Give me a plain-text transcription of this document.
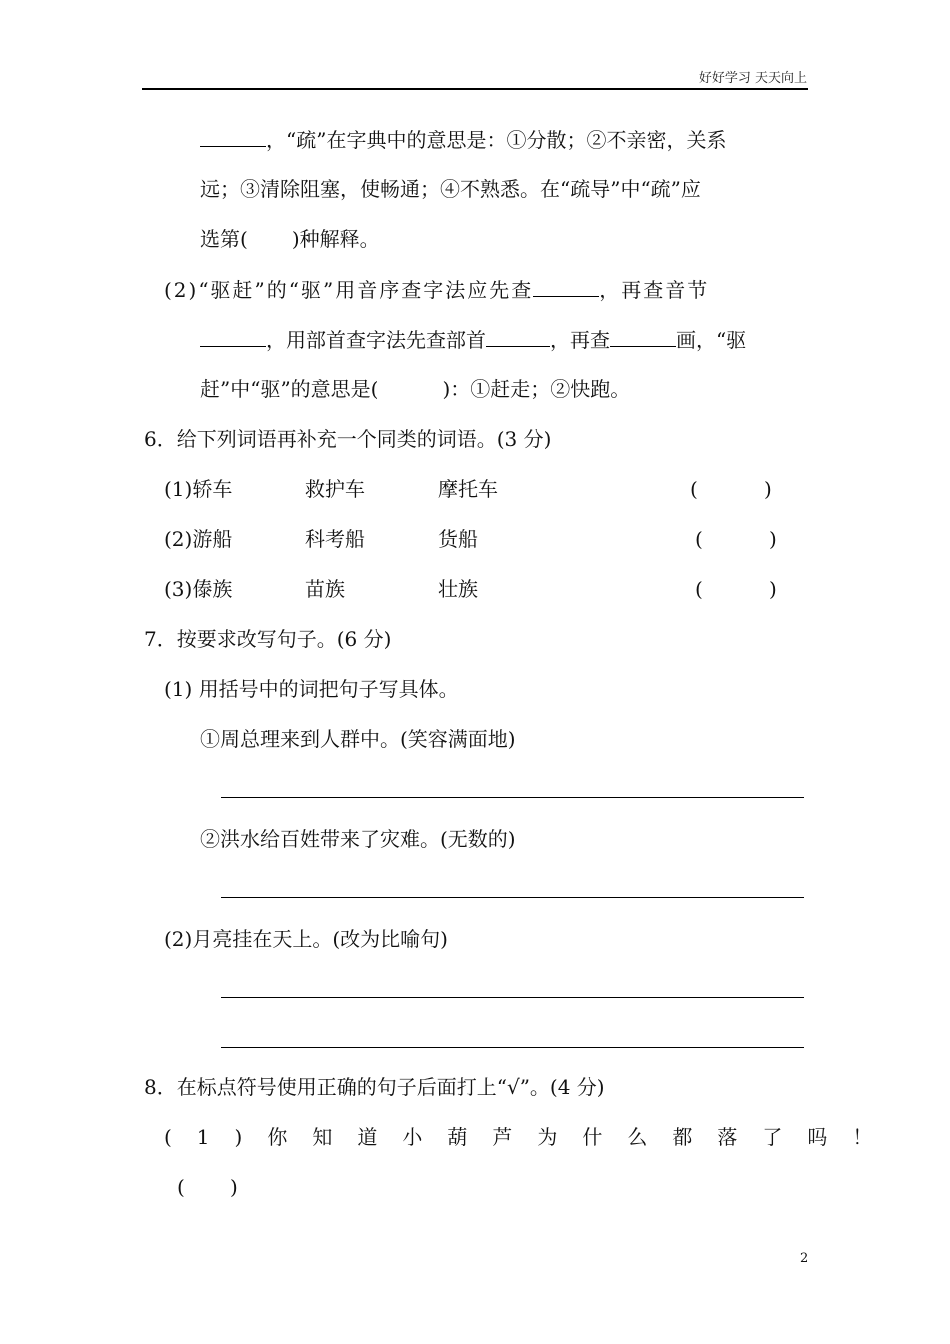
好好学习 天天向上
，“疏”在字典中的意思是：①分散；②不亲密，关系
远；③清除阻塞，使畅通；④不熟悉。在“疏导”中“疏”应
选第( )种解释。
(2)“驱赶”的“驱”用音序查字法应先查	，再查音节
，用部首查字法先查部首	，再查	画，“驱
赶”中“驱”的意思是(	)：①赶走；②快跑。
6．给下列词语再补充一个同类的词语。(3 分)
(1)轿车	救护车	摩托车	(	)
(2)游船	科考船	货船	(	)
(3)傣族	苗族	壮族	(	)
7．按要求改写句子。(6 分)
(1) 用括号中的词把句子写具体。
①周总理来到人群中。(笑容满面地)
②洪水给百姓带来了灾难。(无数的)
(2)月亮挂在天上。(改为比喻句)
8．在标点符号使用正确的句子后面打上“√”。(4 分)
(1)你知道小葫芦为什么都落了吗！
( )
2
